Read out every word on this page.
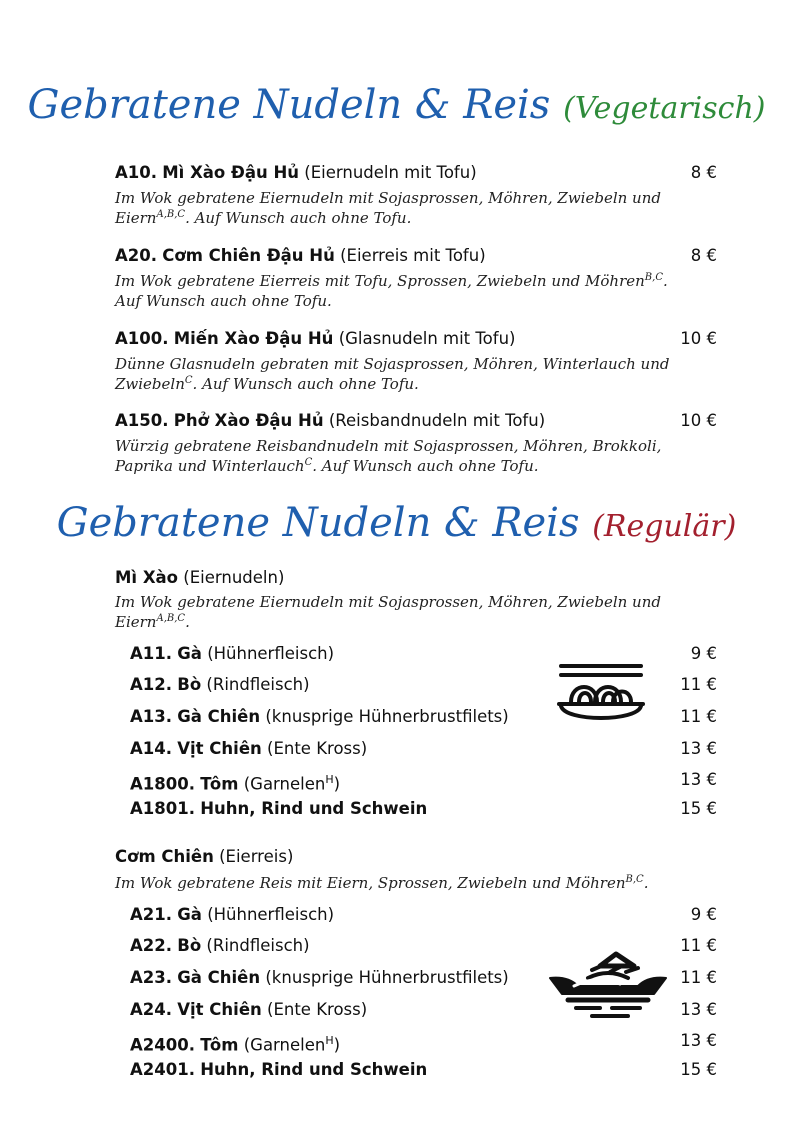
Gebratene Nudeln & Reis (Vegetarisch)
A10. Mì Xào Đậu Hủ (Eiernudeln mit Tofu)	8 €
Im Wok gebratene Eiernudeln mit Sojasprossen, Möhren, Zwiebeln und
Eiern$^{A,B,C}$. Auf Wunsch auch ohne Tofu.
A20. Cơm Chiên Đậu Hủ (Eierreis mit Tofu)	8 €
Im Wok gebratene Eierreis mit Tofu, Sprossen, Zwiebeln und Möhren$^{B,C}$.
Auf Wunsch auch ohne Tofu.
A100. Miến Xào Đậu Hủ (Glasnudeln mit Tofu)	10 €
Dünne Glasnudeln gebraten mit Sojasprossen, Möhren, Winterlauch und
Zwiebeln$^C$. Auf Wunsch auch ohne Tofu.
A150. Phở Xào Đậu Hủ (Reisbandnudeln mit Tofu)	10 €
Würzig gebratene Reisbandnudeln mit Sojasprossen, Möhren, Brokkoli,
Paprika und Winterlauch$^C$. Auf Wunsch auch ohne Tofu.
Gebratene Nudeln & Reis (Regulär)
Mì Xào (Eiernudeln)
Im Wok gebratene Eiernudeln mit Sojasprossen, Möhren, Zwiebeln und
Eiern$^{A,B,C}$.
A11. Gà (Hühnerfleisch)	9 €
A12. Bò (Rindfleisch)	11 €
A13. Gà Chiên (knusprige Hühnerbrustfilets)	11 €
A14. Vịt Chiên (Ente Kross)	13 €
A1800. Tôm (Garnelen$^H$)	13 €
A1801. Huhn, Rind und Schwein	15 €
Cơm Chiên (Eierreis)
Im Wok gebratene Reis mit Eiern, Sprossen, Zwiebeln und Möhren$^{B,C}$.
A21. Gà (Hühnerfleisch)	9 €
A22. Bò (Rindfleisch)	11 €
A23. Gà Chiên (knusprige Hühnerbrustfilets)	11 €
A24. Vịt Chiên (Ente Kross)	13 €
A2400. Tôm (Garnelen$^H$)	13 €
A2401. Huhn, Rind und Schwein	15 €
